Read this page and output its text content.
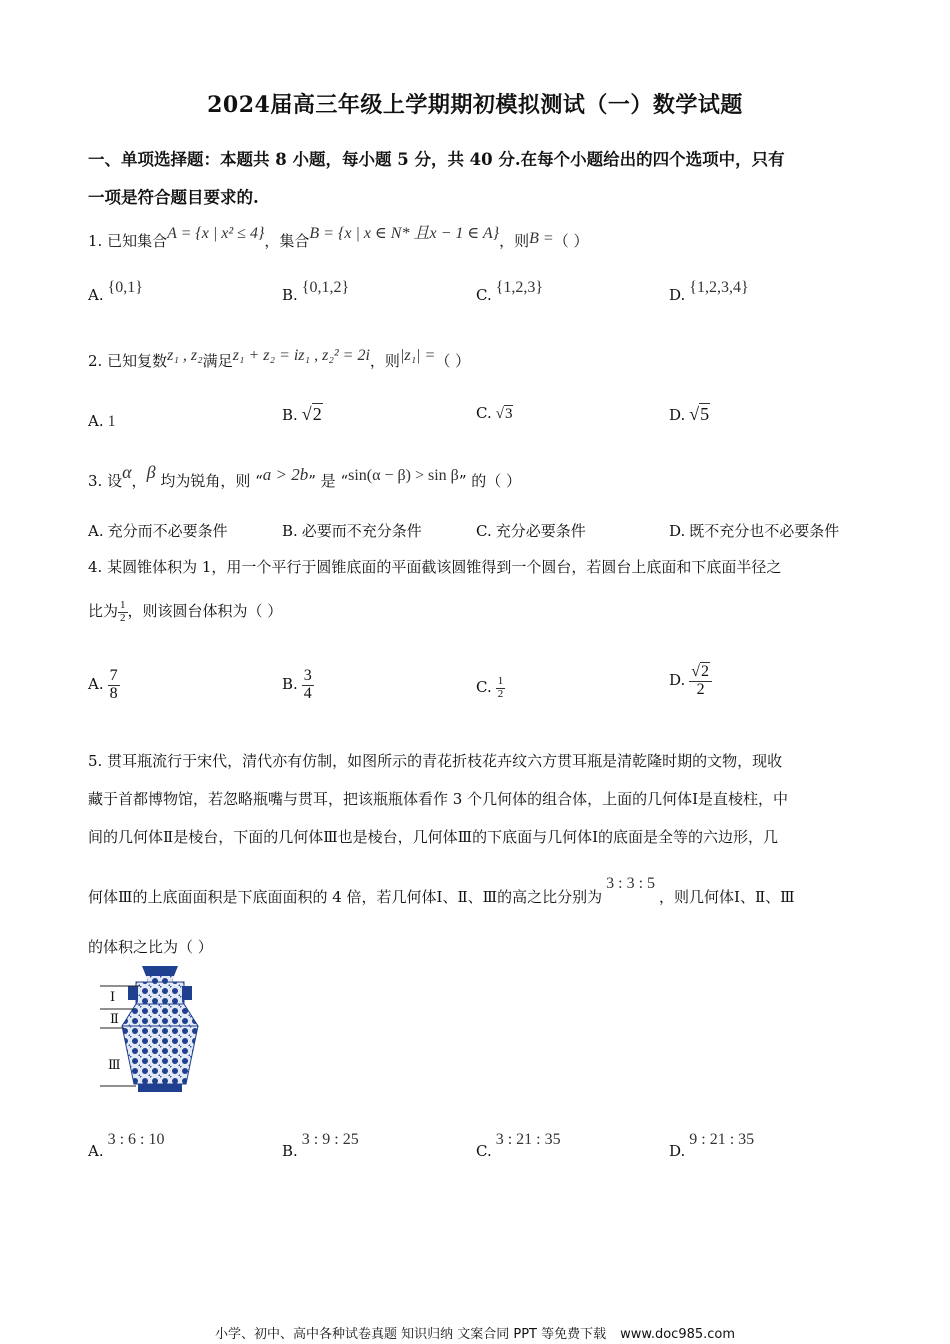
2024届高三年级上学期期初模拟测试（一）数学试题
一、单项选择题：本题共 8 小题，每小题 5 分，共 40 分.在每个小题给出的四个选项中，只有
一项是符合题目要求的.
1. 已知集合A = {x | x² ≤ 4}，集合B = {x | x ∈ N* 且x − 1 ∈ A}，则B =（ ）
A. {0,1}	B. {0,1,2}	C. {1,2,3}	D. {1,2,3,4}
2. 已知复数z₁ , z₂满足z₁ + z₂ = iz₁ , z₂² = 2i，则|z₁| =（ ）
A. 1	B. √2	C. √3	D. √5
3. 设α，β 均为锐角，则 “a > 2b” 是 “sin(α − β) > sin β” 的（ ）
A. 充分而不必要条件	B. 必要而不充分条件	C. 充分必要条件	D. 既不充分也不必要条件
4. 某圆锥体积为 1，用一个平行于圆锥底面的平面截该圆锥得到一个圆台，若圆台上底面和下底面半径之
比为 $\frac{1}{2}$ ，则该圆台体积为（ ）
A. $\frac{7}{8}$	B. $\frac{3}{4}$	C. $\frac{1}{2}$	D. $\frac{√2}{2}$
5. 贯耳瓶流行于宋代，清代亦有仿制，如图所示的青花折枝花卉纹六方贯耳瓶是清乾隆时期的文物，现收
藏于首都博物馆，若忽略瓶嘴与贯耳，把该瓶瓶体看作 3 个几何体的组合体，上面的几何体Ⅰ是直棱柱，中
间的几何体Ⅱ是棱台，下面的几何体Ⅲ也是棱台，几何体Ⅲ的下底面与几何体Ⅰ的底面是全等的六边形，几
何体Ⅲ的上底面面积是下底面面积的 4 倍，若几何体Ⅰ、Ⅱ、Ⅲ的高之比分别为3 : 3 : 5，则几何体Ⅰ、Ⅱ、Ⅲ
的体积之比为（ ）
Ⅰ
Ⅱ
Ⅲ
A.3 : 6 : 10
B.3 : 9 : 25
C.3 : 21 : 35
D.9 : 21 : 35
小学、初中、高中各种试卷真题 知识归纳 文案合同 PPT 等免费下载 www.doc985.com
